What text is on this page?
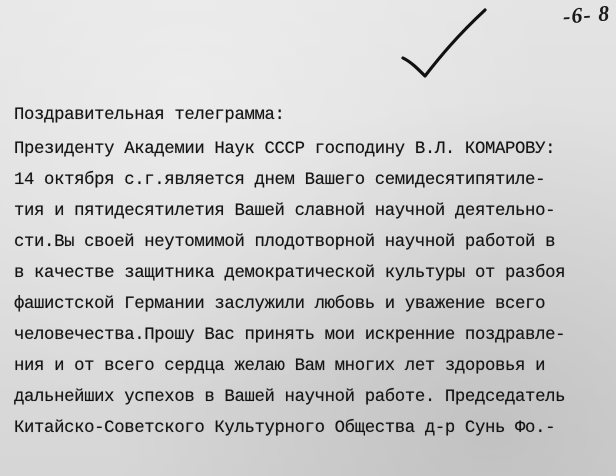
-6- 8
Поздравительная телеграмма:
Президенту Академии Наук СССР господину В.Л. КОМАРОВУ:
14 октября с.г.является днем Вашего семидесятипятиле-
тия и пятидесятилетия Вашей славной научной деятельно-
сти.Вы своей неутомимой плодотворной научной работой в
в качестве защитника демократической культуры от разбоя
фашистской Германии заслужили любовь и уважение всего
человечества.Прошу Вас принять мои искренние поздравле-
ния и от всего сердца желаю Вам многих лет здоровья и
дальнейших успехов в Вашей научной работе. Председатель
Китайско-Советского Культурного Общества д-р Сунь Фо.-
